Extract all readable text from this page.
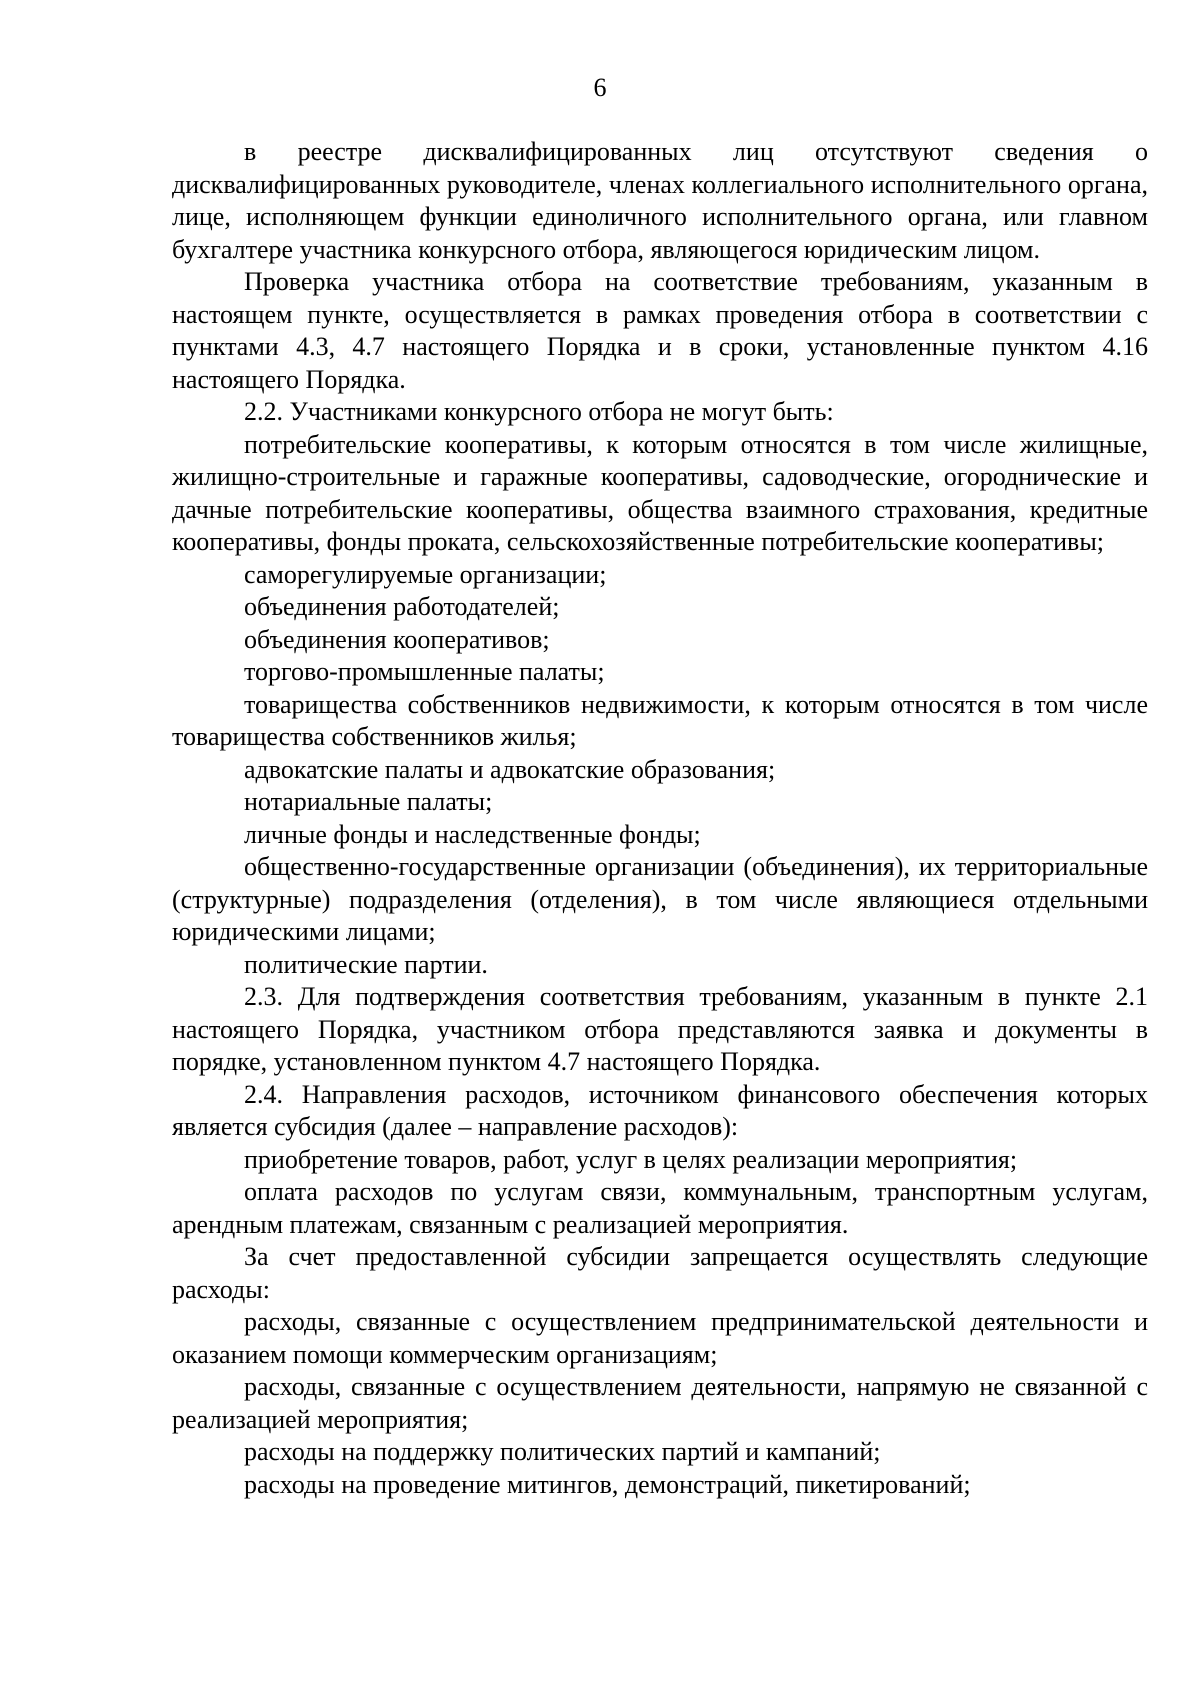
6

в реестре дисквалифицированных лиц отсутствуют сведения о дисквалифицированных руководителе, членах коллегиального исполнительного органа, лице, исполняющем функции единоличного исполнительного органа, или главном бухгалтере участника конкурсного отбора, являющегося юридическим лицом.

Проверка участника отбора на соответствие требованиям, указанным в настоящем пункте, осуществляется в рамках проведения отбора в соответствии с пунктами 4.3, 4.7 настоящего Порядка и в сроки, установленные пунктом 4.16 настоящего Порядка.

2.2. Участниками конкурсного отбора не могут быть:

потребительские кооперативы, к которым относятся в том числе жилищные, жилищно-строительные и гаражные кооперативы, садоводческие, огороднические и дачные потребительские кооперативы, общества взаимного страхования, кредитные кооперативы, фонды проката, сельскохозяйственные потребительские кооперативы;

саморегулируемые организации;

объединения работодателей;

объединения кооперативов;

торгово-промышленные палаты;

товарищества собственников недвижимости, к которым относятся в том числе товарищества собственников жилья;

адвокатские палаты и адвокатские образования;

нотариальные палаты;

личные фонды и наследственные фонды;

общественно-государственные организации (объединения), их территориальные (структурные) подразделения (отделения), в том числе являющиеся отдельными юридическими лицами;

политические партии.

2.3. Для подтверждения соответствия требованиям, указанным в пункте 2.1 настоящего Порядка, участником отбора представляются заявка и документы в порядке, установленном пунктом 4.7 настоящего Порядка.

2.4. Направления расходов, источником финансового обеспечения которых является субсидия (далее – направление расходов):

приобретение товаров, работ, услуг в целях реализации мероприятия;

оплата расходов по услугам связи, коммунальным, транспортным услугам, арендным платежам, связанным с реализацией мероприятия.

За счет предоставленной субсидии запрещается осуществлять следующие расходы:

расходы, связанные с осуществлением предпринимательской деятельности и оказанием помощи коммерческим организациям;

расходы, связанные с осуществлением деятельности, напрямую не связанной с реализацией мероприятия;

расходы на поддержку политических партий и кампаний;

расходы на проведение митингов, демонстраций, пикетирований;
